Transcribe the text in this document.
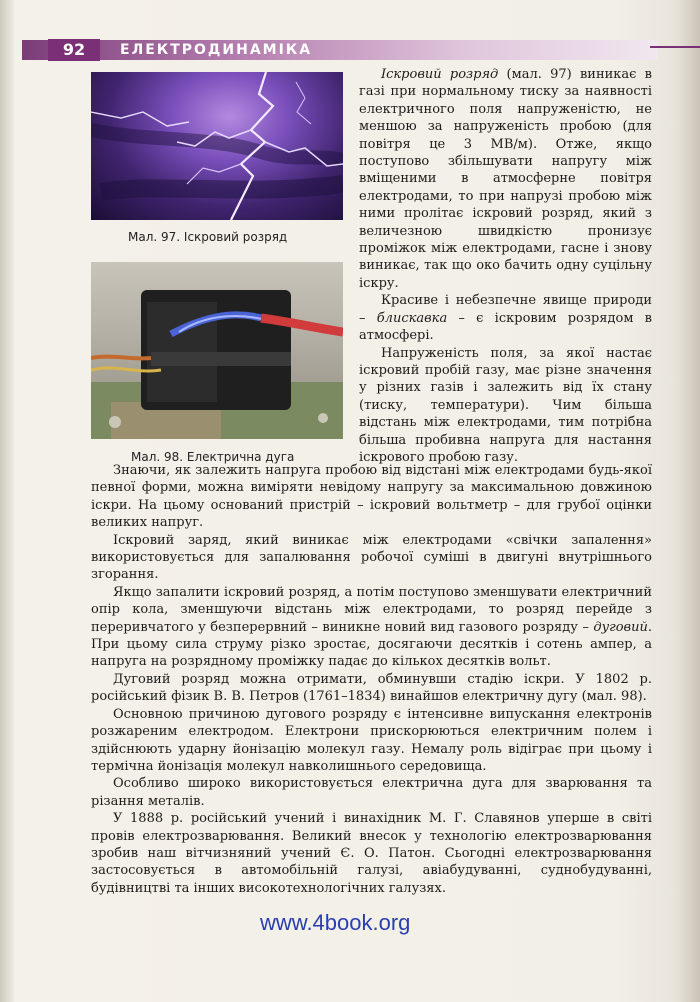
92	ЕЛЕКТРОДИНАМІКА
Мал. 97. Іскровий розряд
Мал. 98. Електрична дуга

Іскровий розряд (мал. 97) виникає в газі при нормальному тиску за наявності електричного поля напруженістю, не меншою за напруженість пробою (для повітря це 3 МВ/м). Отже, якщо поступово збільшувати напругу між вміщеними в атмосферне повітря електродами, то при напрузі пробою між ними пролітає іскровий розряд, який з величезною швидкістю пронизує проміжок між електродами, гасне і знову виникає, так що око бачить одну суцільну іскру.

Красиве і небезпечне явище природи – блискавка – є іскровим розрядом в атмосфері.

Напруженість поля, за якої настає іскровий пробій газу, має різне значення у різних газів і залежить від їх стану (тиску, температури). Чим більша відстань між електродами, тим потрібна більша пробивна напруга для настання іскрового пробою газу.

Знаючи, як залежить напруга пробою від відстані між електродами будь-якої певної форми, можна виміряти невідому напругу за максимальною довжиною іскри. На цьому оснований пристрій – іскровий вольтметр – для грубої оцінки великих напруг.

Іскровий заряд, який виникає між електродами «свічки запалення» використовується для запалювання робочої суміші в двигуні внутрішнього згорання.

Якщо запалити іскровий розряд, а потім поступово зменшувати електричний опір кола, зменшуючи відстань між електродами, то розряд перейде з переривчатого у безперервний – виникне новий вид газового розряду – дуговий. При цьому сила струму різко зростає, досягаючи десятків і сотень ампер, а напруга на розрядному проміжку падає до кількох десятків вольт.

Дуговий розряд можна отримати, обминувши стадію іскри. У 1802 р. російський фізик В. В. Петров (1761–1834) винайшов електричну дугу (мал. 98).

Основною причиною дугового розряду є інтенсивне випускання електронів розжареним електродом. Електрони прискорюються електричним полем і здійснюють ударну йонізацію молекул газу. Немалу роль відіграє при цьому і термічна йонізація молекул навколишнього середовища.

Особливо широко використовується електрична дуга для зварювання та різання металів.

У 1888 р. російський учений і винахідник М. Г. Славянов уперше в світі провів електрозварювання. Великий внесок у технологію електрозварювання зробив наш вітчизняний учений Є. О. Патон. Сьогодні електрозварювання застосовується в автомобільній галузі, авіабудуванні, суднобудуванні, будівництві та інших високотехнологічних галузях.

www.4book.org
